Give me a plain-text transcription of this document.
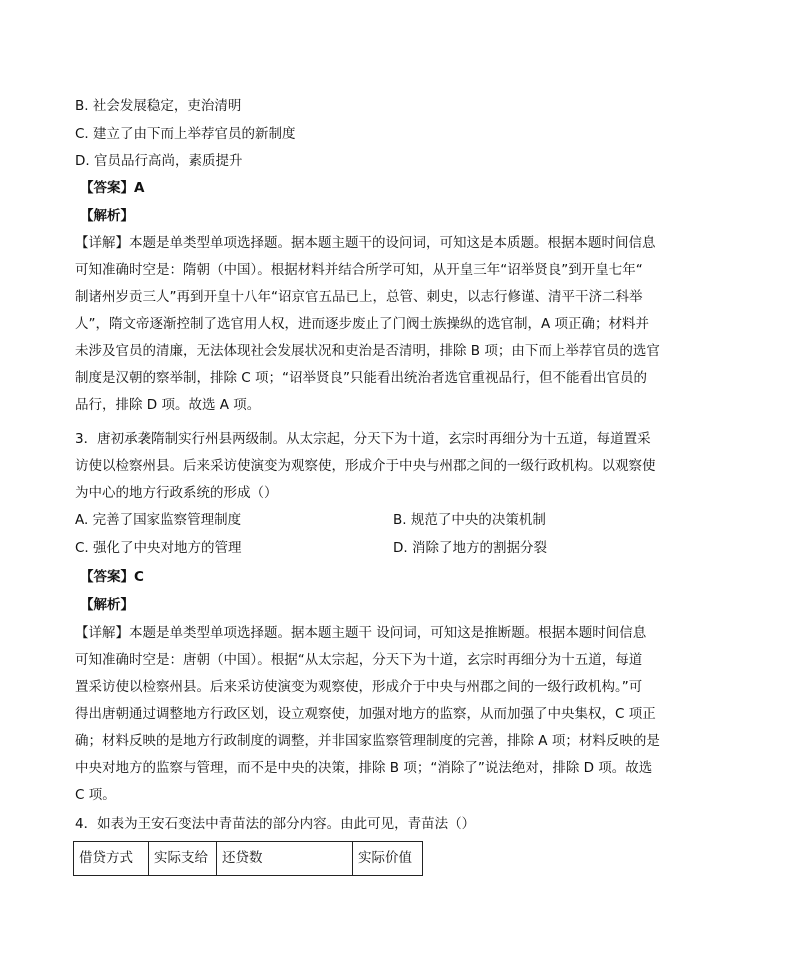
B. 社会发展稳定，吏治清明
C. 建立了由下而上举荐官员的新制度
D. 官员品行高尚，素质提升
【答案】A
【解析】
【详解】本题是单类型单项选择题。据本题主题干的设问词，可知这是本质题。根据本题时间信息
可知准确时空是：隋朝（中国）。根据材料并结合所学可知，从开皇三年“诏举贤良”到开皇七年“
制诸州岁贡三人”再到开皇十八年“诏京官五品已上，总管、刺史，以志行修谨、清平干济二科举
人”，隋文帝逐渐控制了选官用人权，进而逐步废止了门阀士族操纵的选官制，A 项正确；材料并
未涉及官员的清廉，无法体现社会发展状况和吏治是否清明，排除 B 项；由下而上举荐官员的选官
制度是汉朝的察举制，排除 C 项；“诏举贤良”只能看出统治者选官重视品行，但不能看出官员的
品行，排除 D 项。故选 A 项。
3．唐初承袭隋制实行州县两级制。从太宗起，分天下为十道，玄宗时再细分为十五道，每道置采
访使以检察州县。后来采访使演变为观察使，形成介于中央与州郡之间的一级行政机构。以观察使
为中心的地方行政系统的形成（）
A. 完善了国家监察管理制度	B. 规范了中央的决策机制
C. 强化了中央对地方的管理	D. 消除了地方的割据分裂
【答案】C
【解析】
【详解】本题是单类型单项选择题。据本题主题干 设问词，可知这是推断题。根据本题时间信息
可知准确时空是：唐朝（中国）。根据“从太宗起，分天下为十道，玄宗时再细分为十五道，每道
置采访使以检察州县。后来采访使演变为观察使，形成介于中央与州郡之间的一级行政机构。”可
得出唐朝通过调整地方行政区划，设立观察使，加强对地方的监察，从而加强了中央集权，C 项正
确；材料反映的是地方行政制度的调整，并非国家监察管理制度的完善，排除 A 项；材料反映的是
中央对地方的监察与管理，而不是中央的决策，排除 B 项；“消除了”说法绝对，排除 D 项。故选
C 项。
4．如表为王安石变法中青苗法的部分内容。由此可见，青苗法（）
借贷方式	实际支给	还贷数	实际价值
